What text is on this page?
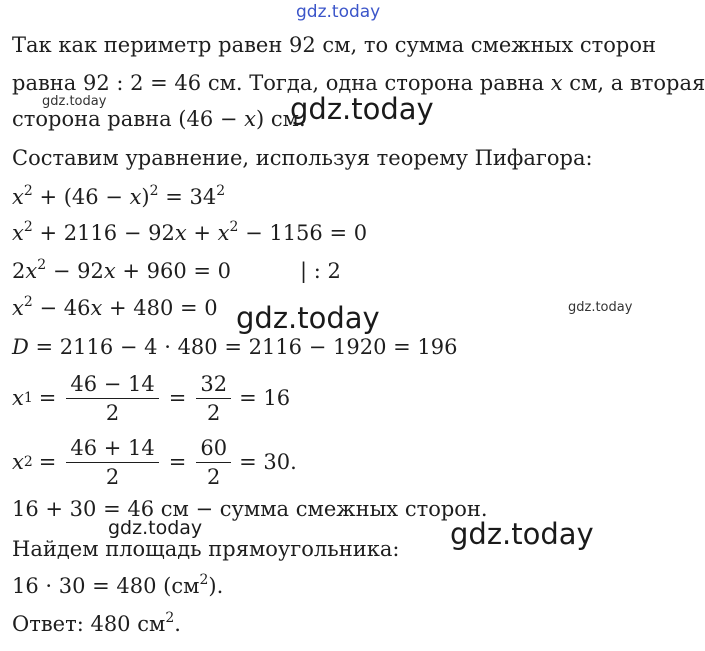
gdz.today
gdz.today	gdz.today
gdz.today
gdz.today
gdz.today	gdz.today
Так как периметр равен 92 см, то сумма смежных сторон
равна 92 : 2 = 46 см. Тогда, одна сторона равна x см, а вторая
сторона равна (46 − x) см.
Составим уравнение, используя теорему Пифагора:
$x^2 + (46 - x)^2 = 34^2$
$x^2 + 2116 - 92x + x^2 - 1156 = 0$
$2x^2 - 92x + 960 = 0$	| : 2
$x^2 - 46x + 480 = 0$
D = 2116 − 4 · 480 = 2116 − 1920 = 196
x $1 = \frac{46 - 14}{2} = \frac{32}{2} = 16$
x $2 = \frac{46 + 14}{2} = \frac{60}{2} = 30$.
16 + 30 = 46 см − сумма смежных сторон.
Найдем площадь прямоугольника:
16 · 30 = 480 $(см^2)$.
Ответ: 480 $см^2$.
